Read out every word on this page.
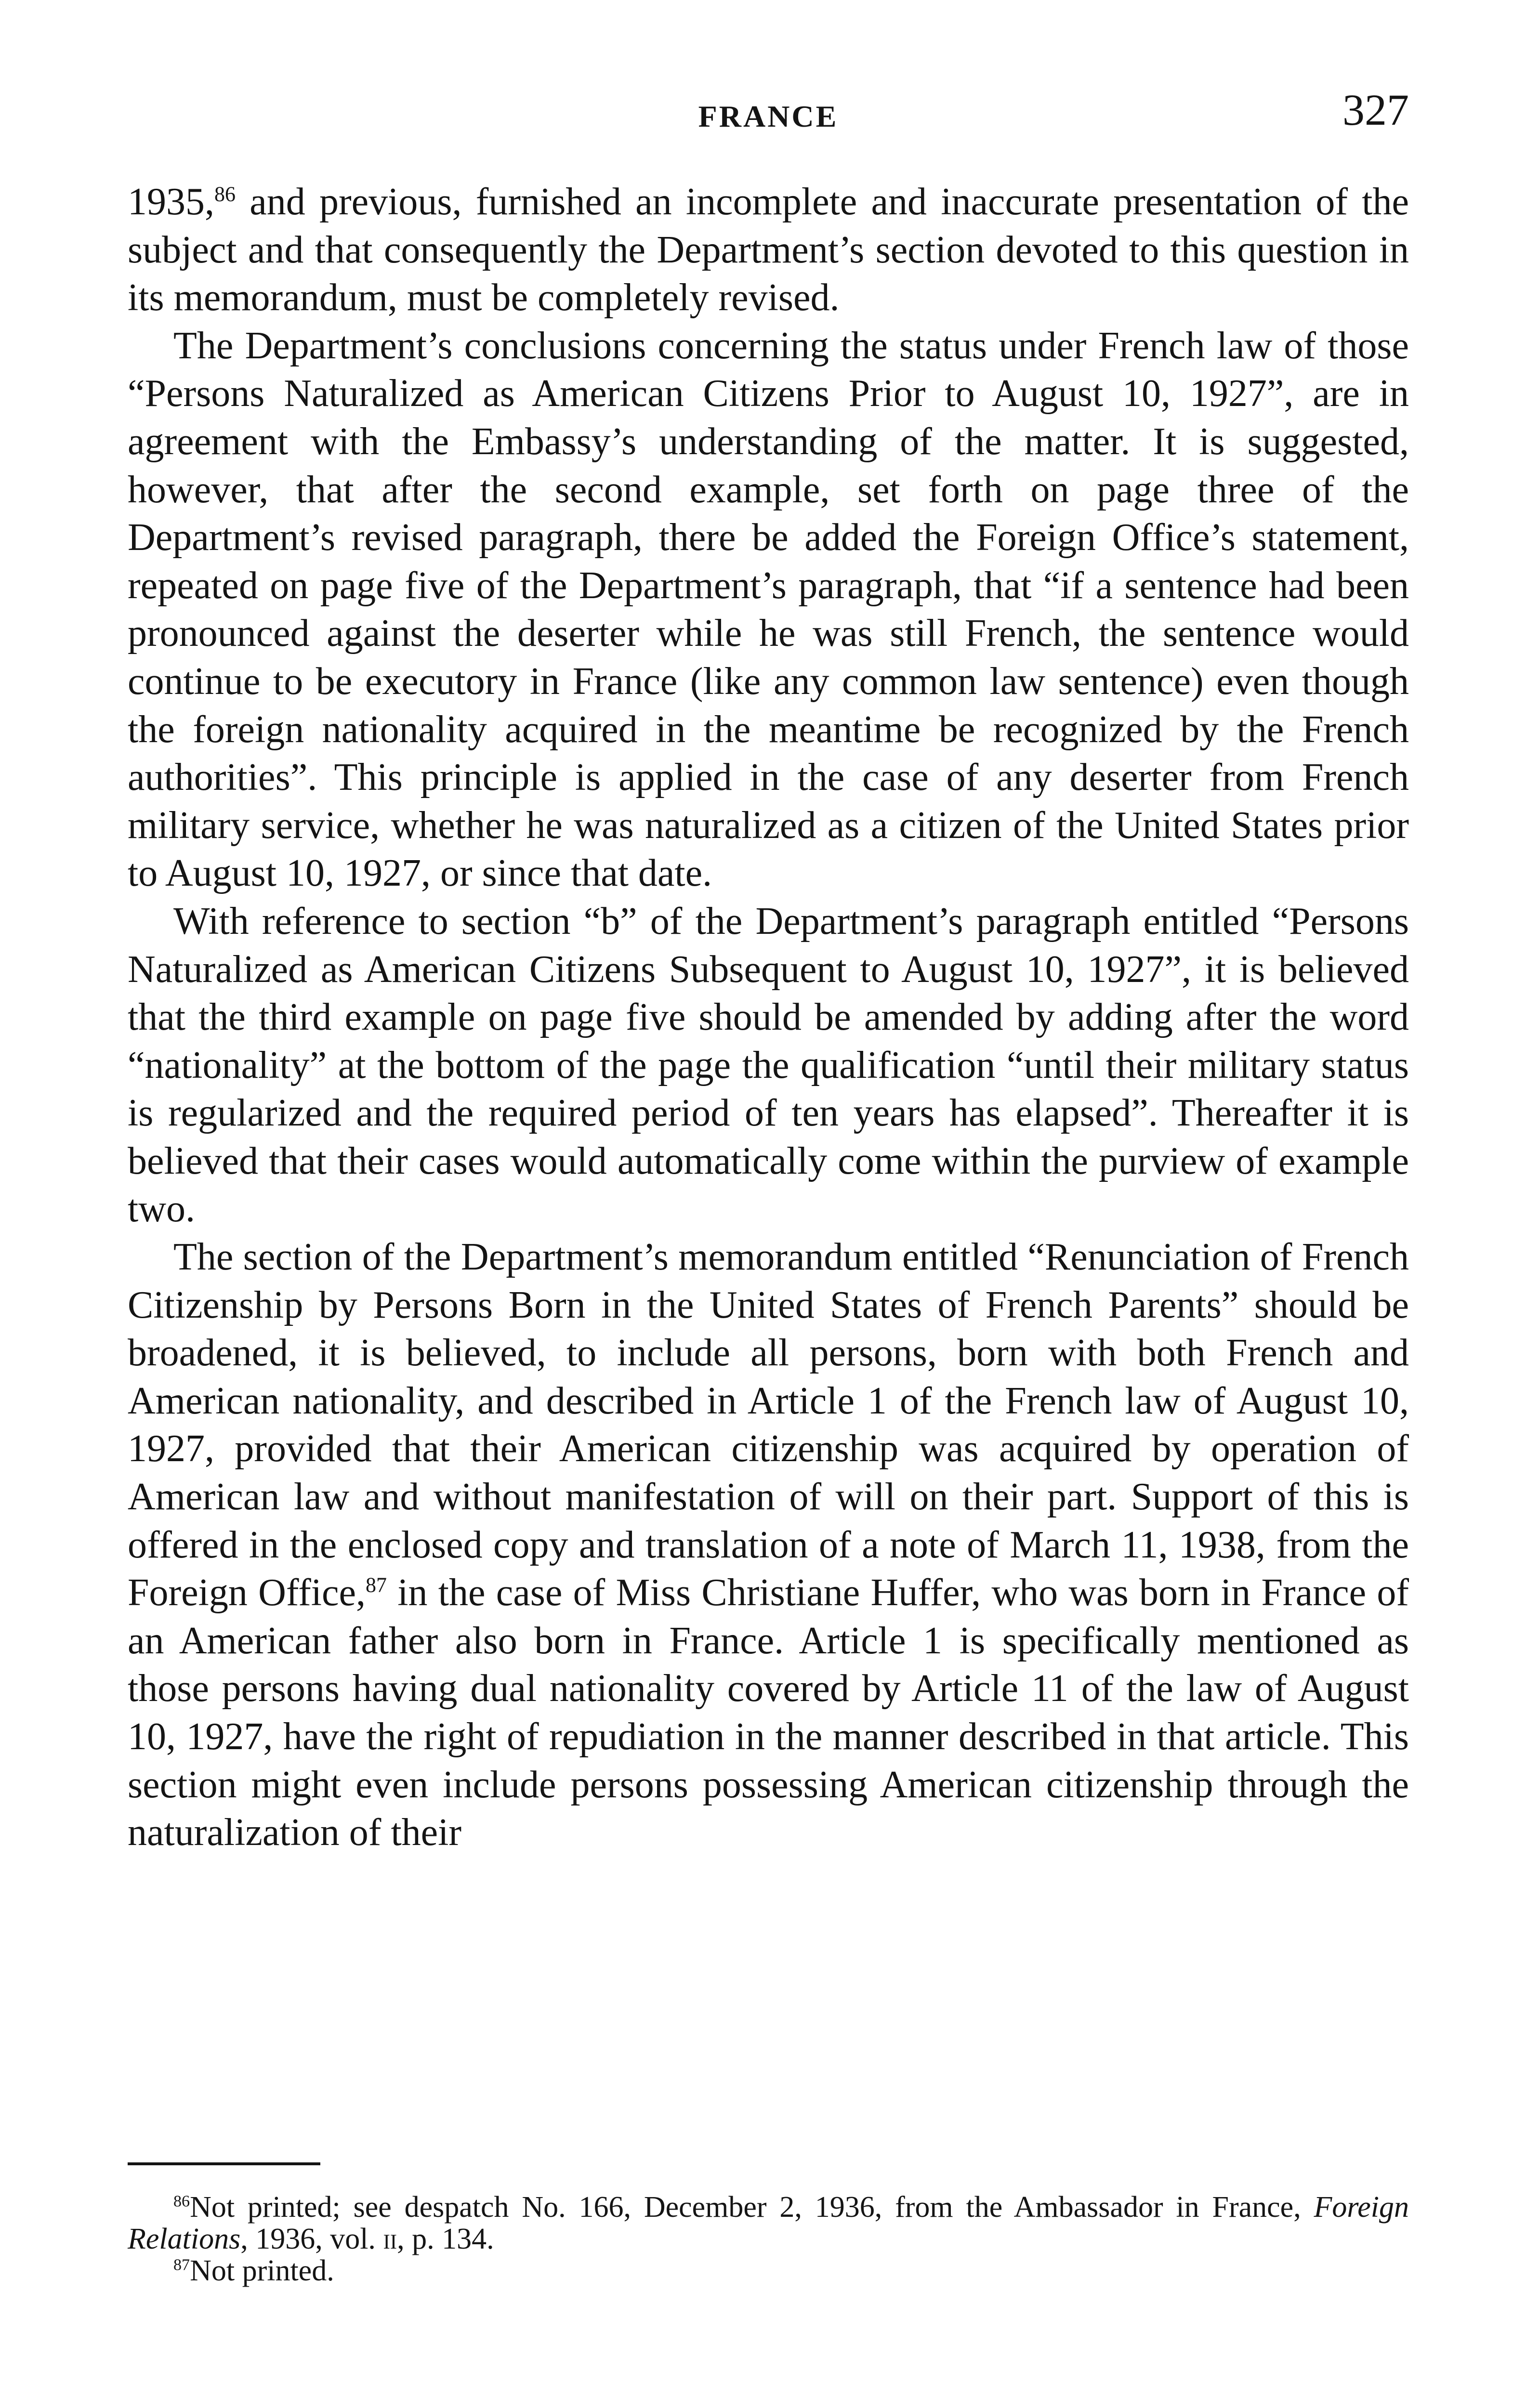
FRANCE	327

1935,86 and previous, furnished an incomplete and inaccurate presentation of the subject and that consequently the Department’s section devoted to this question in its memorandum, must be completely revised.

The Department’s conclusions concerning the status under French law of those “Persons Naturalized as American Citizens Prior to August 10, 1927”, are in agreement with the Embassy’s understanding of the matter. It is suggested, however, that after the second example, set forth on page three of the Department’s revised paragraph, there be added the Foreign Office’s statement, repeated on page five of the Department’s paragraph, that “if a sentence had been pronounced against the deserter while he was still French, the sentence would continue to be executory in France (like any common law sentence) even though the foreign nationality acquired in the meantime be recognized by the French authorities”. This principle is applied in the case of any deserter from French military service, whether he was naturalized as a citizen of the United States prior to August 10, 1927, or since that date.

With reference to section “b” of the Department’s paragraph entitled “Persons Naturalized as American Citizens Subsequent to August 10, 1927”, it is believed that the third example on page five should be amended by adding after the word “nationality” at the bottom of the page the qualification “until their military status is regularized and the required period of ten years has elapsed”. Thereafter it is believed that their cases would automatically come within the purview of example two.

The section of the Department’s memorandum entitled “Renunciation of French Citizenship by Persons Born in the United States of French Parents” should be broadened, it is believed, to include all persons, born with both French and American nationality, and described in Article 1 of the French law of August 10, 1927, provided that their American citizenship was acquired by operation of American law and without manifestation of will on their part. Support of this is offered in the enclosed copy and translation of a note of March 11, 1938, from the Foreign Office,$^{87}$ in the case of Miss Christiane Huffer, who was born in France of an American father also born in France. Article 1 is specifically mentioned as those persons having dual nationality covered by Article 11 of the law of August 10, 1927, have the right of repudiation in the manner described in that article. This section might even include persons possessing American citizenship through the naturalization of their

$^{86}$Not printed; see despatch No. 166, December 2, 1936, from the Ambassador in France, Foreign Relations, 1936, vol. ii, p. 134.

$^{87}$Not printed.
